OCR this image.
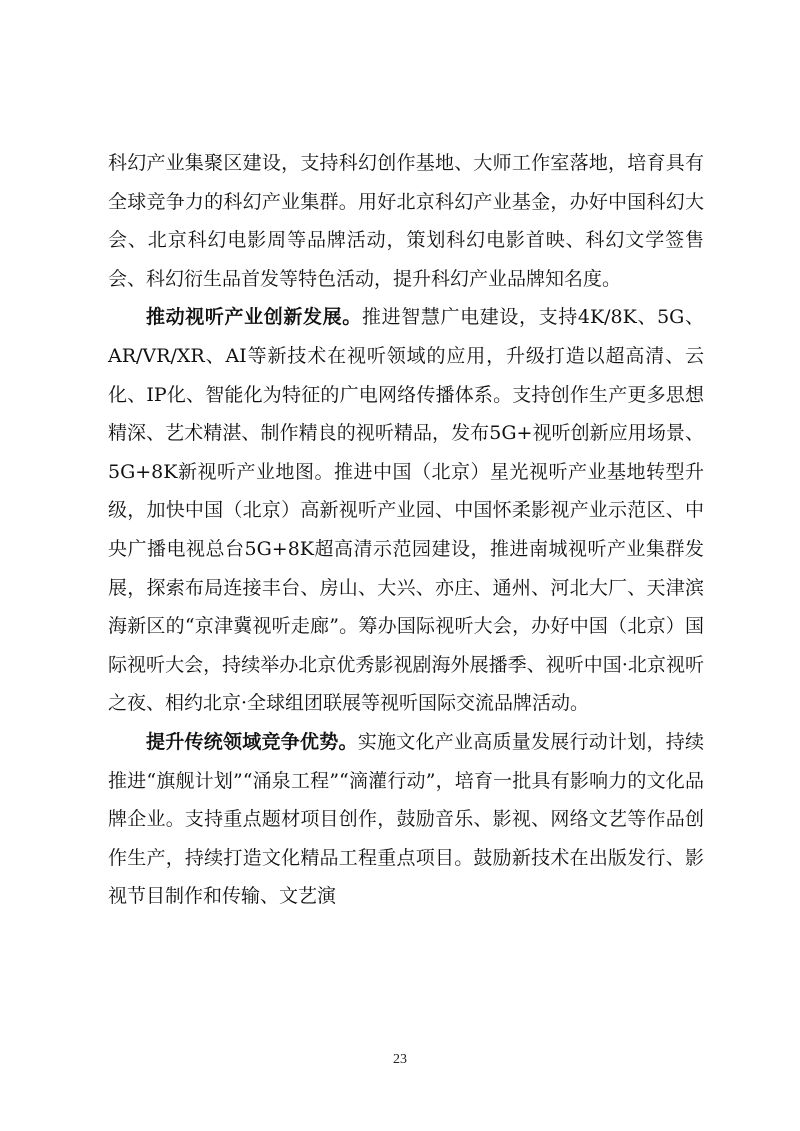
科幻产业集聚区建设，支持科幻创作基地、大师工作室落地，培育具有全球竞争力的科幻产业集群。用好北京科幻产业基金，办好中国科幻大会、北京科幻电影周等品牌活动，策划科幻电影首映、科幻文学签售会、科幻衍生品首发等特色活动，提升科幻产业品牌知名度。

推动视听产业创新发展。推进智慧广电建设，支持4K/8K、5G、AR/VR/XR、AI等新技术在视听领域的应用，升级打造以超高清、云化、IP化、智能化为特征的广电网络传播体系。支持创作生产更多思想精深、艺术精湛、制作精良的视听精品，发布5G+视听创新应用场景、5G+8K新视听产业地图。推进中国（北京）星光视听产业基地转型升级，加快中国（北京）高新视听产业园、中国怀柔影视产业示范区、中央广播电视总台5G+8K超高清示范园建设，推进南城视听产业集群发展，探索布局连接丰台、房山、大兴、亦庄、通州、河北大厂、天津滨海新区的“京津冀视听走廊”。筹办国际视听大会，办好中国（北京）国际视听大会，持续举办北京优秀影视剧海外展播季、视听中国·北京视听之夜、相约北京·全球组团联展等视听国际交流品牌活动。

提升传统领域竞争优势。实施文化产业高质量发展行动计划，持续推进“旗舰计划”“涌泉工程”“滴灌行动”，培育一批具有影响力的文化品牌企业。支持重点题材项目创作，鼓励音乐、影视、网络文艺等作品创作生产，持续打造文化精品工程重点项目。鼓励新技术在出版发行、影视节目制作和传输、文艺演

23
